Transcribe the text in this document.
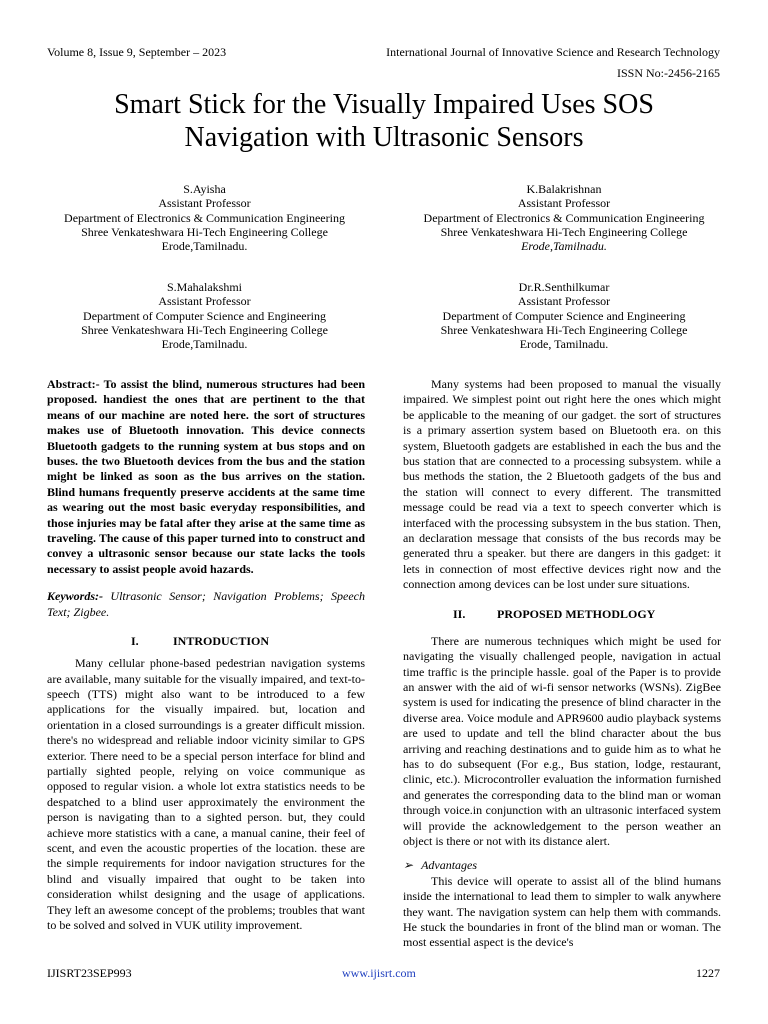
Volume 8, Issue 9, September – 2023	International Journal of Innovative Science and Research Technology
ISSN No:-2456-2165
Smart Stick for the Visually Impaired Uses SOS
Navigation with Ultrasonic Sensors
S.Ayisha
Assistant Professor
Department of Electronics & Communication Engineering
Shree Venkateshwara Hi-Tech Engineering College
Erode,Tamilnadu.
K.Balakrishnan
Assistant Professor
Department of Electronics & Communication Engineering
Shree Venkateshwara Hi-Tech Engineering College
Erode,Tamilnadu.
S.Mahalakshmi
Assistant Professor
Department of Computer Science and Engineering
Shree Venkateshwara Hi-Tech Engineering College
Erode,Tamilnadu.
Dr.R.Senthilkumar
Assistant Professor
Department of Computer Science and Engineering
Shree Venkateshwara Hi-Tech Engineering College
Erode, Tamilnadu.

Abstract:- To assist the blind, numerous structures had been proposed. handiest the ones that are pertinent to the that means of our machine are noted here. the sort of structures makes use of Bluetooth innovation. This device connects Bluetooth gadgets to the running system at bus stops and on buses. the two Bluetooth devices from the bus and the station might be linked as soon as the bus arrives on the station. Blind humans frequently preserve accidents at the same time as wearing out the most basic everyday responsibilities, and those injuries may be fatal after they arise at the same time as traveling. The cause of this paper turned into to construct and convey a ultrasonic sensor because our state lacks the tools necessary to assist people avoid hazards.

Keywords:- Ultrasonic Sensor; Navigation Problems; Speech Text; Zigbee.

I.	INTRODUCTION

Many cellular phone-based pedestrian navigation systems are available, many suitable for the visually impaired, and text-to-speech (TTS) might also want to be introduced to a few applications for the visually impaired. but, location and orientation in a closed surroundings is a greater difficult mission. there's no widespread and reliable indoor vicinity similar to GPS exterior. There need to be a special person interface for blind and partially sighted people, relying on voice communique as opposed to regular vision. a whole lot extra statistics needs to be despatched to a blind user approximately the environment the person is navigating than to a sighted person. but, they could achieve more statistics with a cane, a manual canine, their feel of scent, and even the acoustic properties of the location. these are the simple requirements for indoor navigation structures for the blind and visually impaired that ought to be taken into consideration whilst designing and the usage of applications. They left an awesome concept of the problems; troubles that want to be solved and solved in VUK utility improvement.

Many systems had been proposed to manual the visually impaired. We simplest point out right here the ones which might be applicable to the meaning of our gadget. the sort of structures is a primary assertion system based on Bluetooth era. on this system, Bluetooth gadgets are established in each the bus and the bus station that are connected to a processing subsystem. while a bus methods the station, the 2 Bluetooth gadgets of the bus and the station will connect to every different. The transmitted message could be read via a text to speech converter which is interfaced with the processing subsystem in the bus station. Then, an declaration message that consists of the bus records may be generated thru a speaker. but there are dangers in this gadget: it lets in connection of most effective devices right now and the connection among devices can be lost under sure situations.

II.	PROPOSED METHODLOGY

There are numerous techniques which might be used for navigating the visually challenged people, navigation in actual time traffic is the principle hassle. goal of the Paper is to provide an answer with the aid of wi-fi sensor networks (WSNs). ZigBee system is used for indicating the presence of blind character in the diverse area. Voice module and APR9600 audio playback systems are used to update and tell the blind character about the bus arriving and reaching destinations and to guide him as to what he has to do subsequent (For e.g., Bus station, lodge, restaurant, clinic, etc.). Microcontroller evaluation the information furnished and generates the corresponding data to the blind man or woman through voice.in conjunction with an ultrasonic interfaced system will provide the acknowledgement to the person weather an object is there or not with its distance alert.

➢ Advantages

This device will operate to assist all of the blind humans inside the international to lead them to simpler to walk anywhere they want. The navigation system can help them with commands. He stuck the boundaries in front of the blind man or woman. The most essential aspect is the device's

IJISRT23SEP993	www.ijisrt.com	1227
